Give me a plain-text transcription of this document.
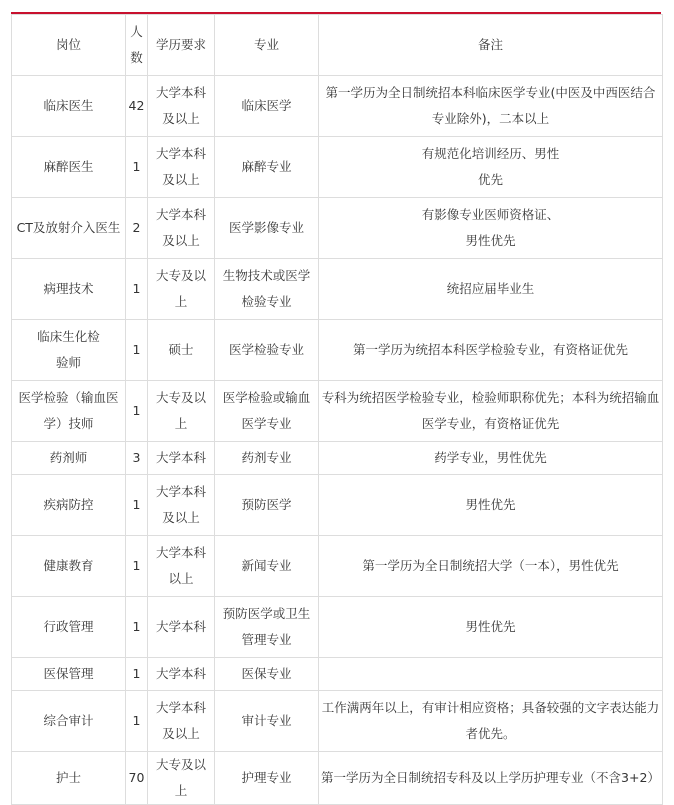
岗位	人数	学历要求	专业	备注
临床医生	42	大学本科及以上	临床医学	第一学历为全日制统招本科临床医学专业(中医及中西医结合专业除外)，二本以上
麻醉医生	1	大学本科及以上	麻醉专业	有规范化培训经历、男性优先
CT及放射介入医生	2	大学本科及以上	医学影像专业	有影像专业医师资格证、男性优先
病理技术	1	大专及以上	生物技术或医学检验专业	统招应届毕业生
临床生化检验师	1	硕士	医学检验专业	第一学历为统招本科医学检验专业，有资格证优先
医学检验（输血医学）技师	1	大专及以上	医学检验或输血医学专业	专科为统招医学检验专业，检验师职称优先；本科为统招输血医学专业，有资格证优先
药剂师	3	大学本科	药剂专业	药学专业，男性优先
疾病防控	1	大学本科及以上	预防医学	男性优先
健康教育	1	大学本科以上	新闻专业	第一学历为全日制统招大学（一本），男性优先
行政管理	1	大学本科	预防医学或卫生管理专业	男性优先
医保管理	1	大学本科	医保专业	
综合审计	1	大学本科及以上	审计专业	工作满两年以上，有审计相应资格；具备较强的文字表达能力者优先。
护士	70	大专及以上	护理专业	第一学历为全日制统招专科及以上学历护理专业（不含3+2）
